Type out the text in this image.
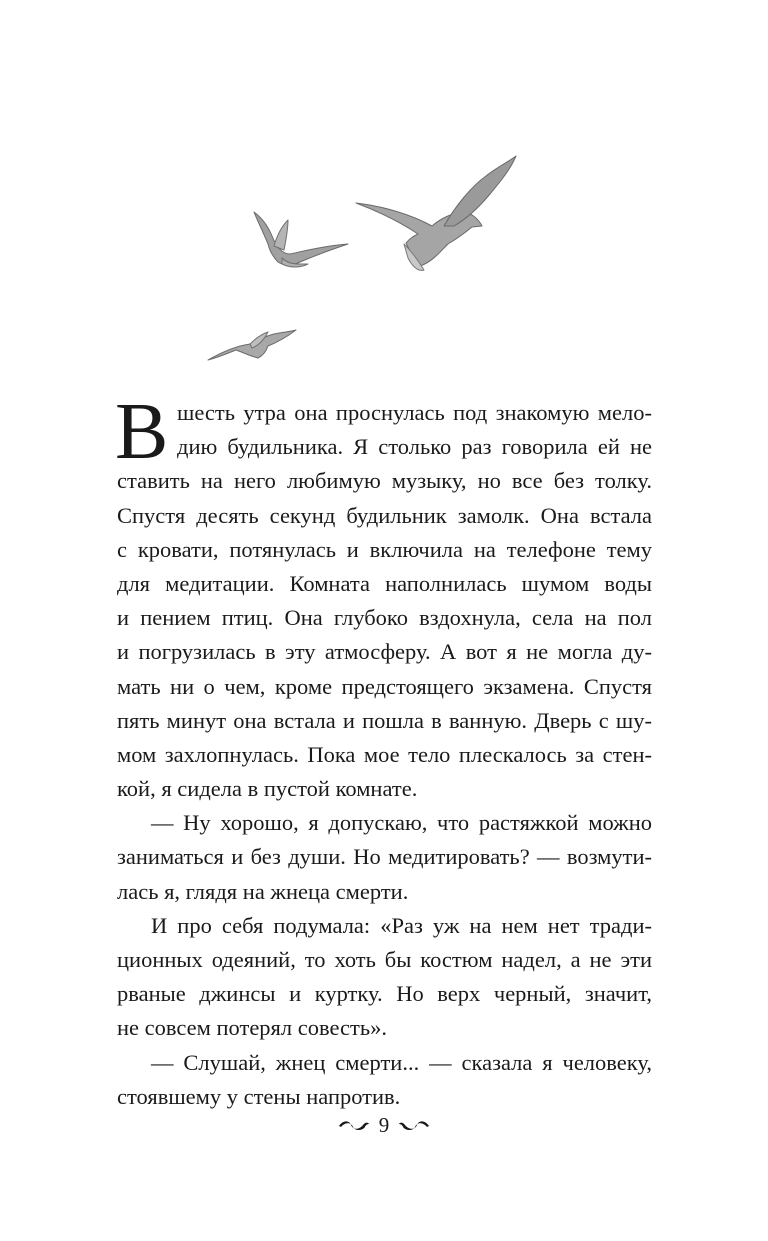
В шесть утра она проснулась под знакомую мело-
дию будильника. Я столько раз говорила ей не
ставить на него любимую музыку, но все без толку.
Спустя десять секунд будильник замолк. Она встала
с кровати, потянулась и включила на телефоне тему
для медитации. Комната наполнилась шумом воды
и пением птиц. Она глубоко вздохнула, села на пол
и погрузилась в эту атмосферу. А вот я не могла ду-
мать ни о чем, кроме предстоящего экзамена. Спустя
пять минут она встала и пошла в ванную. Дверь с шу-
мом захлопнулась. Пока мое тело плескалось за стен-
кой, я сидела в пустой комнате.
— Ну хорошо, я допускаю, что растяжкой можно
заниматься и без души. Но медитировать? — возмути-
лась я, глядя на жнеца смерти.
И про себя подумала: «Раз уж на нем нет тради-
ционных одеяний, то хоть бы костюм надел, а не эти
рваные джинсы и куртку. Но верх черный, значит,
не совсем потерял совесть».
— Слушай, жнец смерти... — сказала я человеку,
стоявшему у стены напротив.
9
